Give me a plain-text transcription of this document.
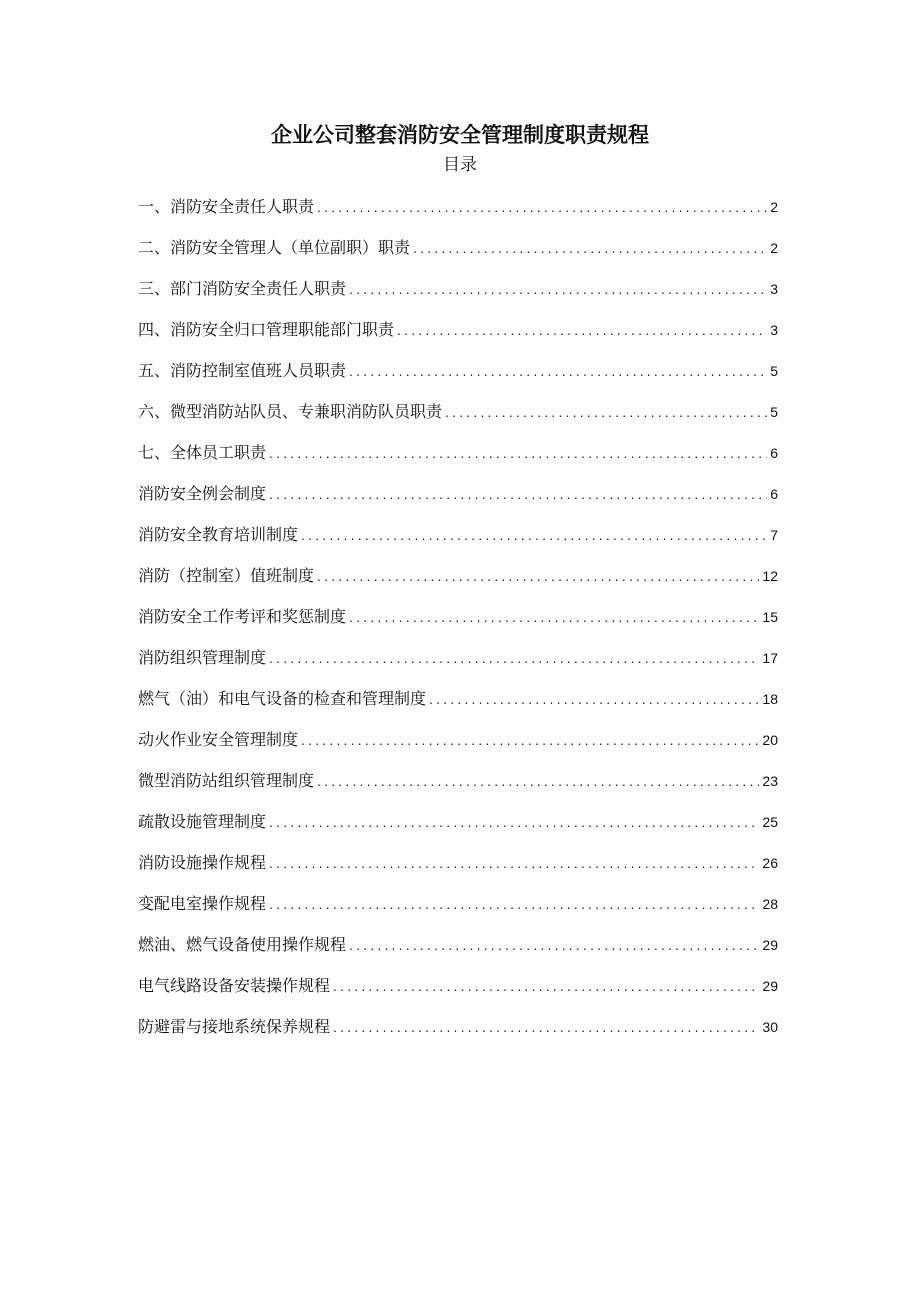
企业公司整套消防安全管理制度职责规程
目录
一、消防安全责任人职责 .....	2
二、消防安全管理人（单位副职）职责 .....	2
三、部门消防安全责任人职责 .....	3
四、消防安全归口管理职能部门职责 .....	3
五、消防控制室值班人员职责 .....	5
六、微型消防站队员、专兼职消防队员职责 .....	5
七、全体员工职责 .....	6
消防安全例会制度 .....	6
消防安全教育培训制度 .....	7
消防（控制室）值班制度 .....	12
消防安全工作考评和奖惩制度 .....	15
消防组织管理制度 .....	17
燃气（油）和电气设备的检查和管理制度 .....	18
动火作业安全管理制度 .....	20
微型消防站组织管理制度 .....	23
疏散设施管理制度 .....	25
消防设施操作规程 .....	26
变配电室操作规程 .....	28
燃油、燃气设备使用操作规程 .....	29
电气线路设备安装操作规程 .....	29
防避雷与接地系统保养规程 .....	30
